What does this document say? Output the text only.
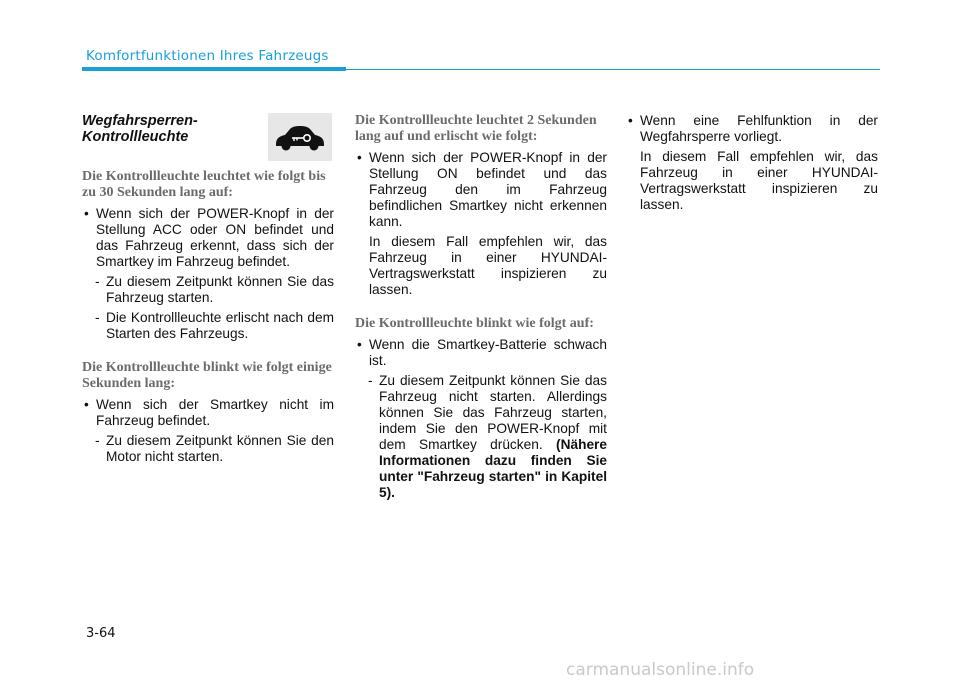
Komfortfunktionen Ihres Fahrzeugs

Wegfahrsperren-
Kontrollleuchte

Die Kontrollleuchte leuchtet wie folgt bis zu 30 Sekunden lang auf:

• Wenn sich der POWER-Knopf in der Stellung ACC oder ON befindet und das Fahrzeug erkennt, dass sich der Smartkey im Fahrzeug befindet.

- Zu diesem Zeitpunkt können Sie das Fahrzeug starten.

- Die Kontrollleuchte erlischt nach dem Starten des Fahrzeugs.

Die Kontrollleuchte blinkt wie folgt einige Sekunden lang:

• Wenn sich der Smartkey nicht im Fahrzeug befindet.

- Zu diesem Zeitpunkt können Sie den Motor nicht starten.

Die Kontrollleuchte leuchtet 2 Sekunden lang auf und erlischt wie folgt:

• Wenn sich der POWER-Knopf in der Stellung ON befindet und das Fahrzeug den im Fahrzeug befindlichen Smartkey nicht erkennen kann.

In diesem Fall empfehlen wir, das Fahrzeug in einer HYUNDAI-Vertragswerkstatt inspizieren zu lassen.

Die Kontrollleuchte blinkt wie folgt auf:

• Wenn die Smartkey-Batterie schwach ist.

- Zu diesem Zeitpunkt können Sie das Fahrzeug nicht starten. Allerdings können Sie das Fahrzeug starten, indem Sie den POWER-Knopf mit dem Smartkey drücken. (Nähere Informationen dazu finden Sie unter "Fahrzeug starten" in Kapitel 5).

• Wenn eine Fehlfunktion in der Wegfahrsperre vorliegt.

In diesem Fall empfehlen wir, das Fahrzeug in einer HYUNDAI-Vertragswerkstatt inspizieren zu lassen.

3-64
carmanualsonline.info
